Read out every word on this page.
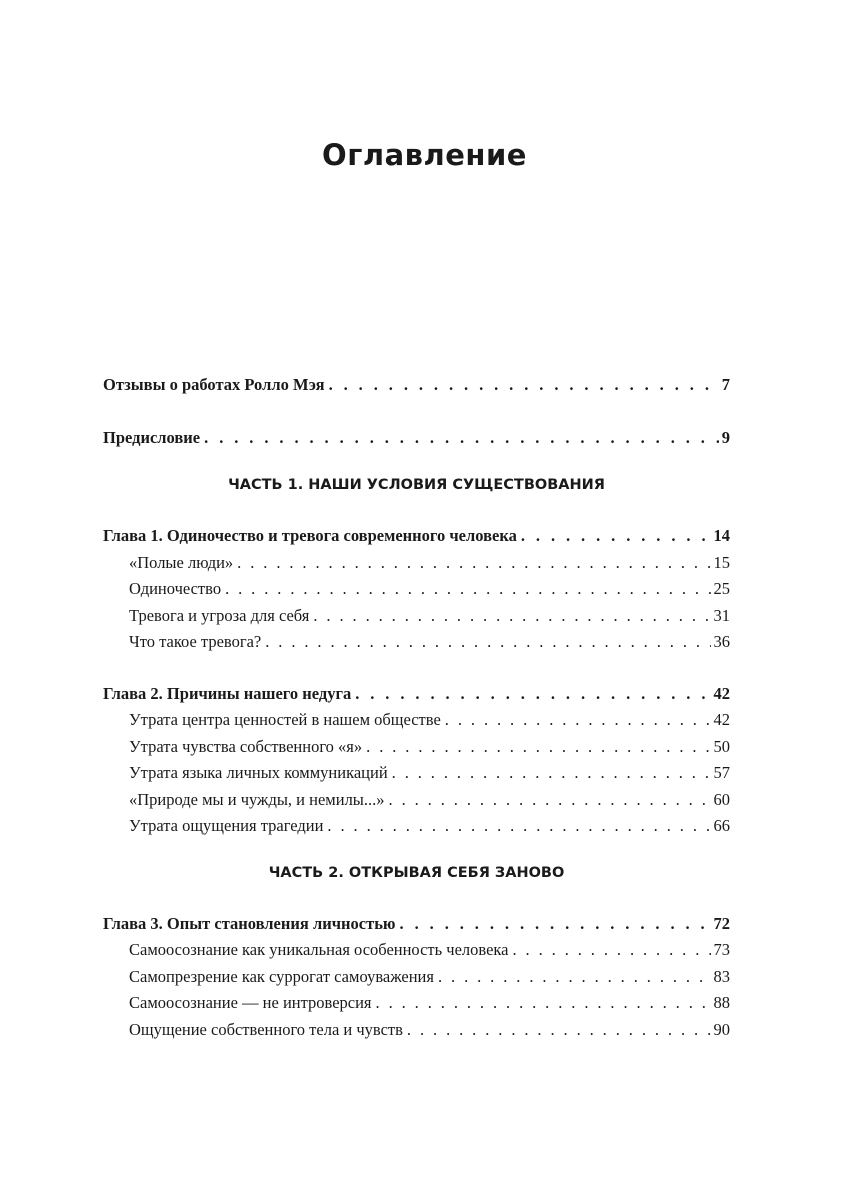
Оглавление
Отзывы о работах Ролло Мэя . . .	7
Предисловие . . .	9
ЧАСТЬ 1. НАШИ УСЛОВИЯ СУЩЕСТВОВАНИЯ
Глава 1. Одиночество и тревога современного человека . . .	14
«Полые люди» . . .	15
Одиночество . . .	25
Тревога и угроза для себя . . .	31
Что такое тревога? . . .	36
Глава 2. Причины нашего недуга . . .	42
Утрата центра ценностей в нашем обществе . . .	42
Утрата чувства собственного «я» . . .	50
Утрата языка личных коммуникаций . . .	57
«Природе мы и чужды, и немилы...» . . .	60
Утрата ощущения трагедии . . .	66
ЧАСТЬ 2. ОТКРЫВАЯ СЕБЯ ЗАНОВО
Глава 3. Опыт становления личностью . . .	72
Самоосознание как уникальная особенность человека . . .	73
Самопрезрение как суррогат самоуважения . . .	83
Самоосознание — не интроверсия . . .	88
Ощущение собственного тела и чувств . . .	90
